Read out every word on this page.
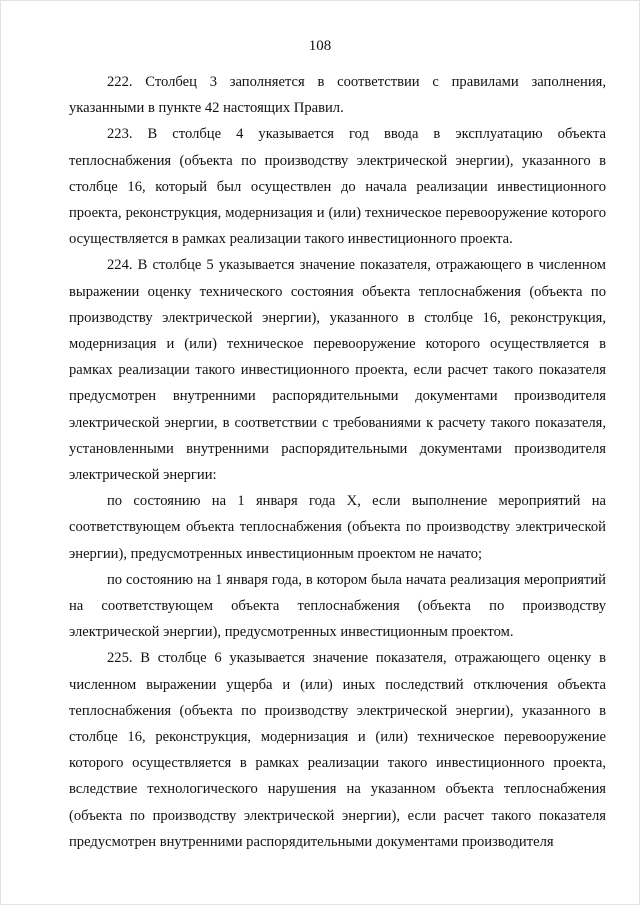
108

222. Столбец 3 заполняется в соответствии с правилами заполнения, указанными в пункте 42 настоящих Правил.

223. В столбце 4 указывается год ввода в эксплуатацию объекта теплоснабжения (объекта по производству электрической энергии), указанного в столбце 16, который был осуществлен до начала реализации инвестиционного проекта, реконструкция, модернизация и (или) техническое перевооружение которого осуществляется в рамках реализации такого инвестиционного проекта.

224. В столбце 5 указывается значение показателя, отражающего в численном выражении оценку технического состояния объекта теплоснабжения (объекта по производству электрической энергии), указанного в столбце 16, реконструкция, модернизация и (или) техническое перевооружение которого осуществляется в рамках реализации такого инвестиционного проекта, если расчет такого показателя предусмотрен внутренними распорядительными документами производителя электрической энергии, в соответствии с требованиями к расчету такого показателя, установленными внутренними распорядительными документами производителя электрической энергии:

по состоянию на 1 января года X, если выполнение мероприятий на соответствующем объекта теплоснабжения (объекта по производству электрической энергии), предусмотренных инвестиционным проектом не начато;

по состоянию на 1 января года, в котором была начата реализация мероприятий на соответствующем объекта теплоснабжения (объекта по производству электрической энергии), предусмотренных инвестиционным проектом.

225. В столбце 6 указывается значение показателя, отражающего оценку в численном выражении ущерба и (или) иных последствий отключения объекта теплоснабжения (объекта по производству электрической энергии), указанного в столбце 16, реконструкция, модернизация и (или) техническое перевооружение которого осуществляется в рамках реализации такого инвестиционного проекта, вследствие технологического нарушения на указанном объекта теплоснабжения (объекта по производству электрической энергии), если расчет такого показателя предусмотрен внутренними распорядительными документами производителя
